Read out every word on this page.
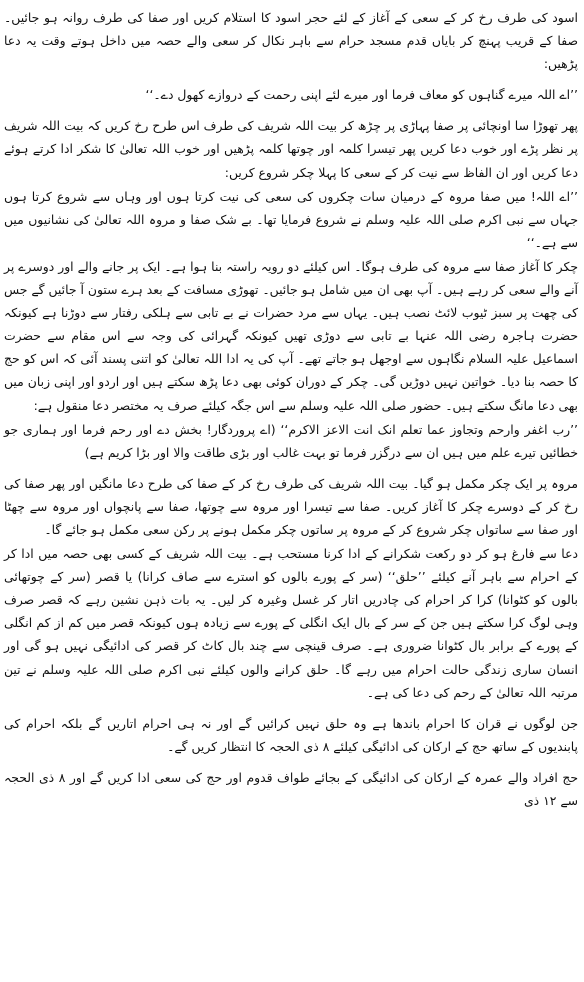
اسود کی طرف رخ کر کے سعی کے آغاز کے لئے حجر اسود کا استلام کریں اور صفا کی طرف روانہ ہو جائیں۔ صفا کے قریب پہنچ کر بایاں قدم مسجد حرام سے باہر نکال کر سعی والے حصہ میں داخل ہوتے وقت یہ دعا پڑھیں:

’’اے اللہ میرے گناہوں کو معاف فرما اور میرے لئے اپنی رحمت کے دروازے کھول دے۔‘‘

پھر تھوڑا سا اونچائی پر صفا پہاڑی پر چڑھ کر بیت اللہ شریف کی طرف اس طرح رخ کریں کہ بیت اللہ شریف پر نظر پڑے اور خوب دعا کریں پھر تیسرا کلمہ اور چوتھا کلمہ پڑھیں اور خوب اللہ تعالیٰ کا شکر ادا کرتے ہوئے دعا کریں اور ان الفاظ سے نیت کر کے سعی کا پہلا چکر شروع کریں:

’’اے اللہ! میں صفا مروہ کے درمیان سات چکروں کی سعی کی نیت کرتا ہوں اور وہاں سے شروع کرتا ہوں جہاں سے نبی اکرم صلی اللہ علیہ وسلم نے شروع فرمایا تھا۔ بے شک صفا و مروہ اللہ تعالیٰ کی نشانیوں میں سے ہے۔‘‘

چکر کا آغاز صفا سے مروہ کی طرف ہوگا۔ اس کیلئے دو رویہ راستہ بنا ہوا ہے۔ ایک پر جانے والے اور دوسرے پر آنے والے سعی کر رہے ہیں۔ آپ بھی ان میں شامل ہو جائیں۔ تھوڑی مسافت کے بعد ہرے ستون آ جائیں گے جس کی چھت پر سبز ٹیوب لائٹ نصب ہیں۔ یہاں سے مرد حضرات نے بے تابی سے ہلکی رفتار سے دوڑنا ہے کیونکہ حضرت ہاجرہ رضی اللہ عنہا بے تابی سے دوڑی تھیں کیونکہ گہرائی کی وجہ سے اس مقام سے حضرت اسماعیل علیہ السلام نگاہوں سے اوجھل ہو جاتے تھے۔ آپ کی یہ ادا اللہ تعالیٰ کو اتنی پسند آئی کہ اس کو حج کا حصہ بنا دیا۔ خواتین نہیں دوڑیں گی۔ چکر کے دوران کوئی بھی دعا پڑھ سکتے ہیں اور اردو اور اپنی زبان میں بھی دعا مانگ سکتے ہیں۔ حضور صلی اللہ علیہ وسلم سے اس جگہ کیلئے صرف یہ مختصر دعا منقول ہے:

’’رب اغفر وارحم وتجاوز عما تعلم انک انت الاعز الاکرم‘‘ (اے پروردگار! بخش دے اور رحم فرما اور ہماری جو خطائیں تیرے علم میں ہیں ان سے درگزر فرما تو بہت غالب اور بڑی طاقت والا اور بڑا کریم ہے)

مروہ پر ایک چکر مکمل ہو گیا۔ بیت اللہ شریف کی طرف رخ کر کے صفا کی طرح دعا مانگیں اور پھر صفا کی رخ کر کے دوسرے چکر کا آغاز کریں۔ صفا سے تیسرا اور مروہ سے چوتھا، صفا سے پانچواں اور مروہ سے چھٹا اور صفا سے ساتواں چکر شروع کر کے مروہ پر ساتوں چکر مکمل ہونے پر رکن سعی مکمل ہو جائے گا۔

دعا سے فارغ ہو کر دو رکعت شکرانے کے ادا کرنا مستحب ہے۔ بیت اللہ شریف کے کسی بھی حصہ میں ادا کر کے احرام سے باہر آنے کیلئے ’’حلق‘‘ (سر کے پورے بالوں کو استرے سے صاف کرانا) یا قصر (سر کے چوتھائی بالوں کو کٹوانا) کرا کر احرام کی چادریں اتار کر غسل وغیرہ کر لیں۔ یہ بات ذہن نشین رہے کہ قصر صرف وہی لوگ کرا سکتے ہیں جن کے سر کے بال ایک انگلی کے پورے سے زیادہ ہوں کیونکہ قصر میں کم از کم انگلی کے پورے کے برابر بال کٹوانا ضروری ہے۔ صرف قینچی سے چند بال کاٹ کر قصر کی ادائیگی نہیں ہو گی اور انسان ساری زندگی حالت احرام میں رہے گا۔ حلق کرانے والوں کیلئے نبی اکرم صلی اللہ علیہ وسلم نے تین مرتبہ اللہ تعالیٰ کے رحم کی دعا کی ہے۔

جن لوگوں نے قران کا احرام باندھا ہے وہ حلق نہیں کرائیں گے اور نہ ہی احرام اتاریں گے بلکہ احرام کی پابندیوں کے ساتھ حج کے ارکان کی ادائیگی کیلئے ۸ ذی الحجہ کا انتظار کریں گے۔

حج افراد والے عمرہ کے ارکان کی ادائیگی کے بجائے طواف قدوم اور حج کی سعی ادا کریں گے اور ۸ ذی الحجہ سے ۱۲ ذی
